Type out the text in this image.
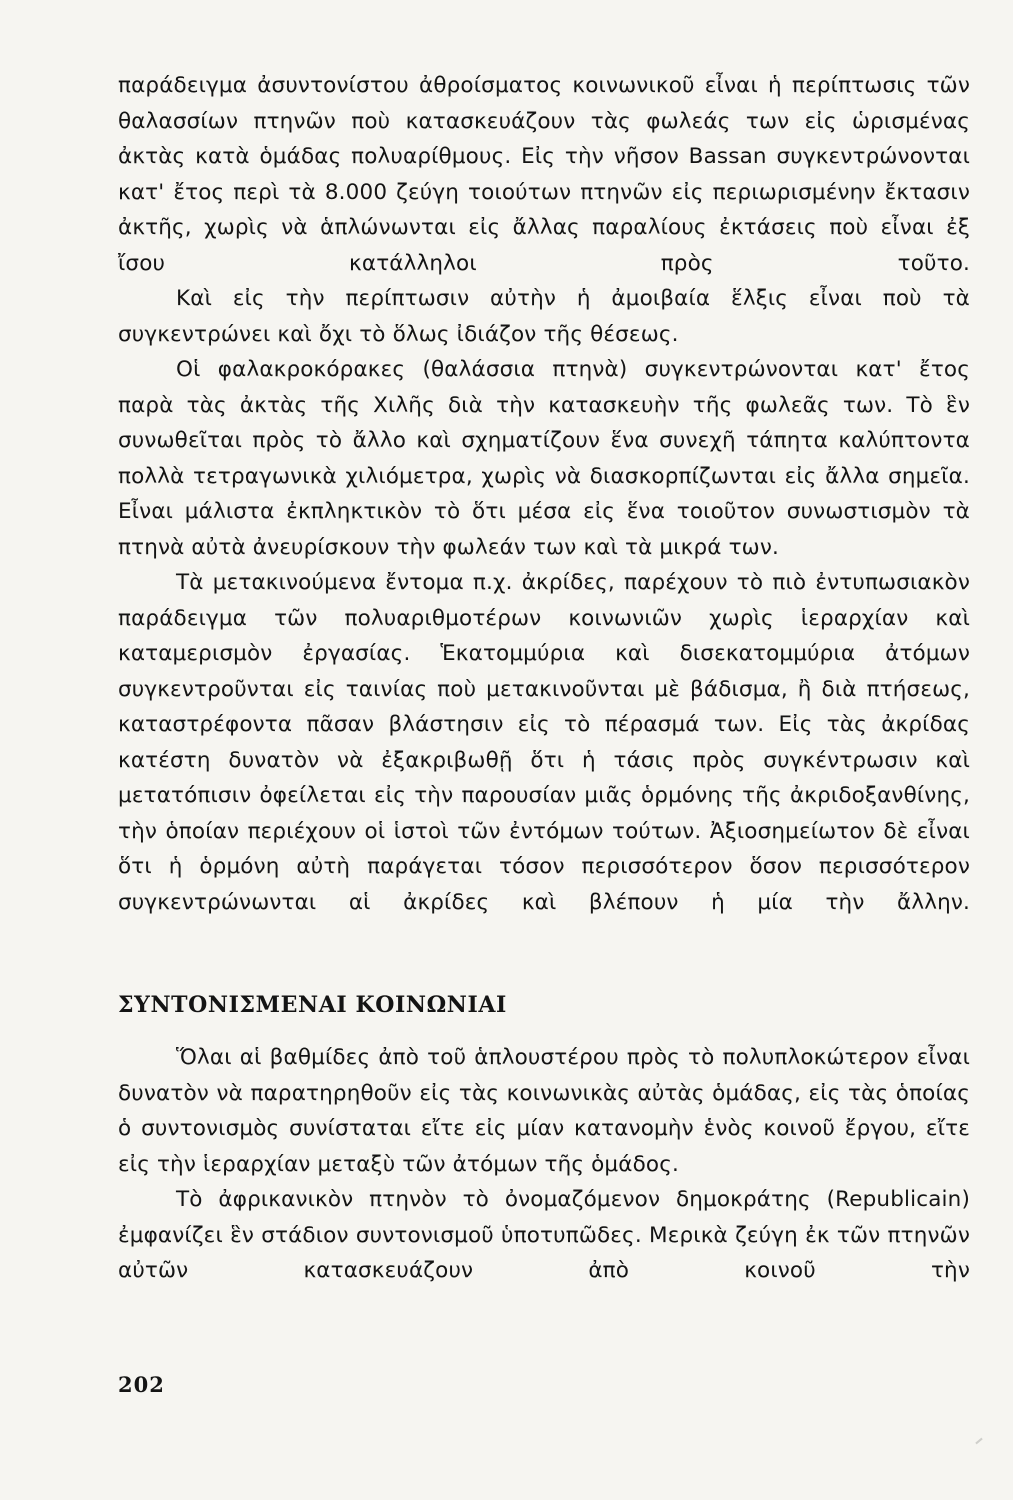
παράδειγμα ἀσυντονίστου ἀθροίσματος κοινωνικοῦ εἶναι ἡ περίπτωσις τῶν θαλασσίων πτηνῶν ποὺ κατασκευάζουν τὰς φωλεάς των εἰς ὡρισμένας ἀκτὰς κατὰ ὁμάδας πολυαρίθμους. Εἰς τὴν νῆσον Bassan συγκεντρώνονται κατ' ἔτος περὶ τὰ 8.000 ζεύγη τοιούτων πτηνῶν εἰς περιωρισμένην ἔκτασιν ἀκτῆς, χωρὶς νὰ ἁπλώνωνται εἰς ἄλλας παραλίους ἐκτάσεις ποὺ εἶναι ἐξ ἴσου κατάλληλοι πρὸς τοῦτο.

Καὶ εἰς τὴν περίπτωσιν αὐτὴν ἡ ἀμοιβαία ἕλξις εἶναι ποὺ τὰ συγκεντρώνει καὶ ὄχι τὸ ὅλως ἰδιάζον τῆς θέσεως.

Οἱ φαλακροκόρακες (θαλάσσια πτηνὰ) συγκεντρώνονται κατ' ἔτος παρὰ τὰς ἀκτὰς τῆς Χιλῆς διὰ τὴν κατασκευὴν τῆς φωλεᾶς των. Τὸ ἓν συνωθεῖται πρὸς τὸ ἄλλο καὶ σχηματίζουν ἕνα συνεχῆ τάπητα καλύπτοντα πολλὰ τετραγωνικὰ χιλιόμετρα, χωρὶς νὰ διασκορπίζωνται εἰς ἄλλα σημεῖα. Εἶναι μάλιστα ἐκπληκτικὸν τὸ ὅτι μέσα εἰς ἕνα τοιοῦτον συνωστισμὸν τὰ πτηνὰ αὐτὰ ἀνευρίσκουν τὴν φωλεάν των καὶ τὰ μικρά των.

Τὰ μετακινούμενα ἔντομα π.χ. ἀκρίδες, παρέχουν τὸ πιὸ ἐντυπωσιακὸν παράδειγμα τῶν πολυαριθμοτέρων κοινωνιῶν χωρὶς ἱεραρχίαν καὶ καταμερισμὸν ἐργασίας. Ἑκατομμύρια καὶ δισεκατομμύρια ἀτόμων συγκεντροῦνται εἰς ταινίας ποὺ μετακινοῦνται μὲ βάδισμα, ἢ διὰ πτήσεως, καταστρέφοντα πᾶσαν βλάστησιν εἰς τὸ πέρασμά των. Εἰς τὰς ἀκρίδας κατέστη δυνατὸν νὰ ἐξακριβωθῇ ὅτι ἡ τάσις πρὸς συγκέντρωσιν καὶ μετατόπισιν ὀφείλεται εἰς τὴν παρουσίαν μιᾶς ὁρμόνης τῆς ἀκριδοξανθίνης, τὴν ὁποίαν περιέχουν οἱ ἱστοὶ τῶν ἐντόμων τούτων. Ἀξιοσημείωτον δὲ εἶναι ὅτι ἡ ὁρμόνη αὐτὴ παράγεται τόσον περισσότερον ὅσον περισσότερον συγκεντρώνωνται αἱ ἀκρίδες καὶ βλέπουν ἡ μία τὴν ἄλλην.

ΣΥΝΤΟΝΙΣΜΕΝΑΙ ΚΟΙΝΩΝΙΑΙ

Ὅλαι αἱ βαθμίδες ἀπὸ τοῦ ἁπλουστέρου πρὸς τὸ πολυπλοκώτερον εἶναι δυνατὸν νὰ παρατηρηθοῦν εἰς τὰς κοινωνικὰς αὐτὰς ὁμάδας, εἰς τὰς ὁποίας ὁ συντονισμὸς συνίσταται εἴτε εἰς μίαν κατανομὴν ἑνὸς κοινοῦ ἔργου, εἴτε εἰς τὴν ἱεραρχίαν μεταξὺ τῶν ἀτόμων τῆς ὁμάδος.

Τὸ ἀφρικανικὸν πτηνὸν τὸ ὀνομαζόμενον δημοκράτης (Republicain) ἐμφανίζει ἓν στάδιον συντονισμοῦ ὑποτυπῶδες. Μερικὰ ζεύγη ἐκ τῶν πτηνῶν αὐτῶν κατασκευάζουν ἀπὸ κοινοῦ τὴν

202
